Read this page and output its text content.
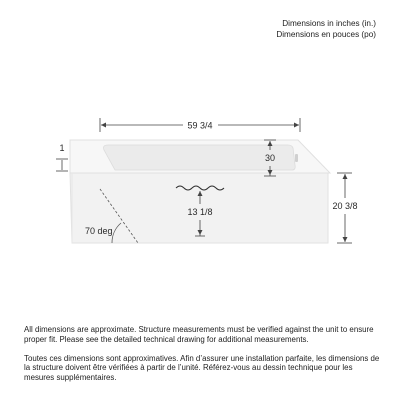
Dimensions in inches (in.)
Dimensions en pouces (po)
59 3/4
1
30
13 1/8
20 3/8
70 deg

All dimensions are approximate. Structure measurements must be verified against the unit to ensure proper fit. Please see the detailed technical drawing for additional measurements.

Toutes ces dimensions sont approximatives. Afin d’assurer une installation parfaite, les dimensions de la structure doivent être vérifiées à partir de l’unité. Référez-vous au dessin technique pour les mesures supplémentaires.
